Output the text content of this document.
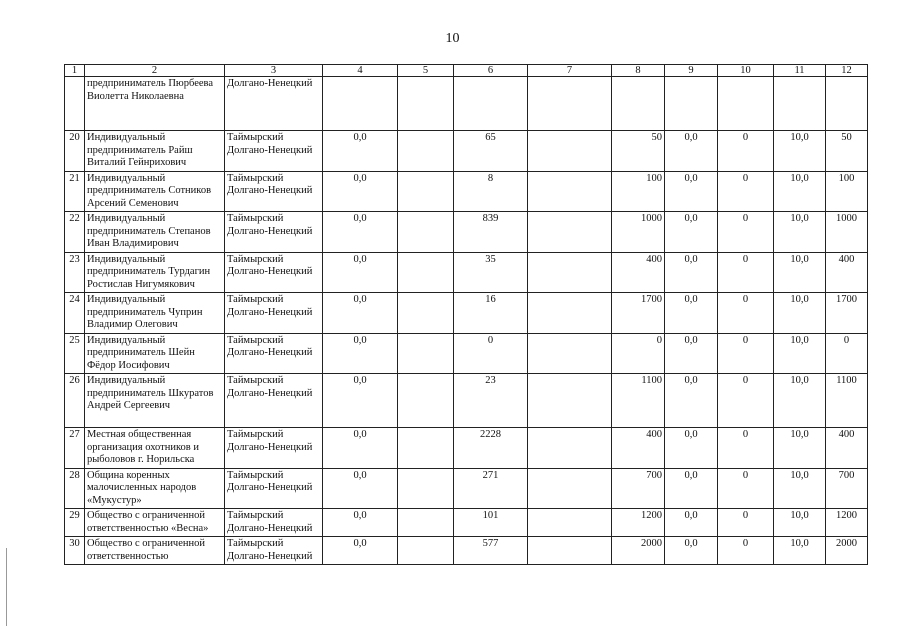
10
1	2	3	4	5	6	7	8	9	10	11	12
	предприниматель Пюрбеева Виолетта Николаевна	Долгано-Ненецкий									
20	Индивидуальный предприниматель Райш Виталий Гейнрихович	Таймырский Долгано-Ненецкий	0,0		65		50	0,0	0	10,0	50
21	Индивидуальный предприниматель Сотников Арсений Семенович	Таймырский Долгано-Ненецкий	0,0		8		100	0,0	0	10,0	100
22	Индивидуальный предприниматель Степанов Иван Владимирович	Таймырский Долгано-Ненецкий	0,0		839		1000	0,0	0	10,0	1000
23	Индивидуальный предприниматель Турдагин Ростислав Нигумякович	Таймырский Долгано-Ненецкий	0,0		35		400	0,0	0	10,0	400
24	Индивидуальный предприниматель Чуприн Владимир Олегович	Таймырский Долгано-Ненецкий	0,0		16		1700	0,0	0	10,0	1700
25	Индивидуальный предприниматель Шейн Фёдор Иосифович	Таймырский Долгано-Ненецкий	0,0		0		0	0,0	0	10,0	0
26	Индивидуальный предприниматель Шкуратов Андрей Сергеевич	Таймырский Долгано-Ненецкий	0,0		23		1100	0,0	0	10,0	1100
27	Местная общественная организация охотников и рыболовов г. Норильска	Таймырский Долгано-Ненецкий	0,0		2228		400	0,0	0	10,0	400
28	Община коренных малочисленных народов «Мукустур»	Таймырский Долгано-Ненецкий	0,0		271		700	0,0	0	10,0	700
29	Общество с ограниченной ответственностью «Весна»	Таймырский Долгано-Ненецкий	0,0		101		1200	0,0	0	10,0	1200
30	Общество с ограниченной ответственностью	Таймырский Долгано-Ненецкий	0,0		577		2000	0,0	0	10,0	2000
